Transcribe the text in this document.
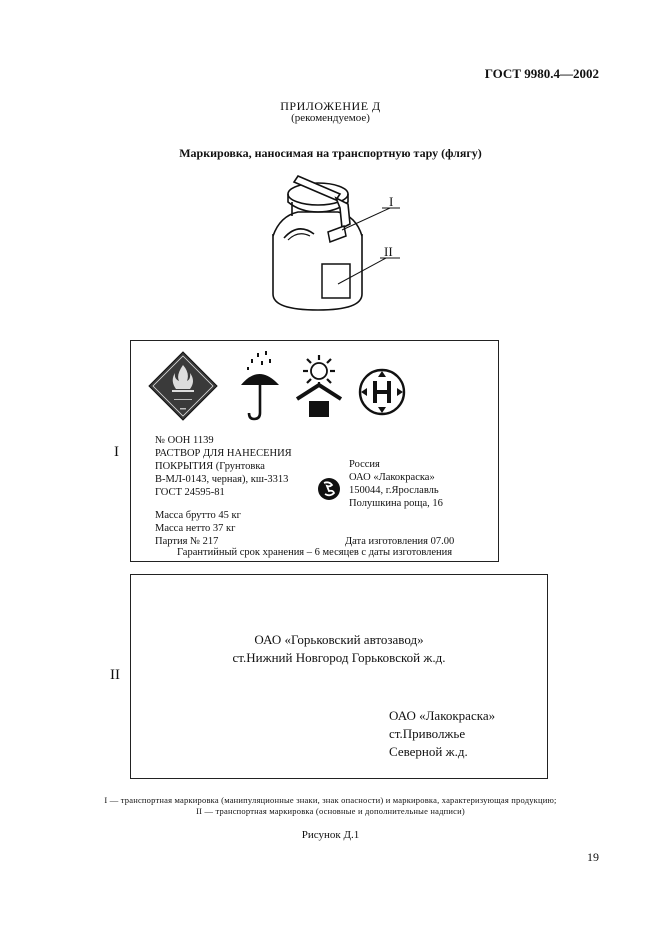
ГОСТ 9980.4—2002
ПРИЛОЖЕНИЕ Д
(рекомендуемое)
Маркировка, наносимая на транспортную тару (флягу)
I
II
I
№ ООН 1139
РАСТВОР ДЛЯ НАНЕСЕНИЯ
ПОКРЫТИЯ (Грунтовка
В-МЛ-0143, черная), кш-3313
ГОСТ 24595-81
Россия
ОАО «Лакокраска»
150044, г.Ярославль
Полушкина роща, 16
Масса брутто 45 кг
Масса нетто 37 кг
Партия № 217	Дата изготовления 07.00
Гарантийный срок хранения – 6 месяцев с даты изготовления
II
ОАО «Горьковский автозавод»
ст.Нижний Новгород Горьковской ж.д.
ОАО «Лакокраска»
ст.Приволжье
Северной ж.д.
I — транспортная маркировка (манипуляционные знаки, знак опасности) и маркировка, характеризующая продукцию;
II — транспортная маркировка (основные и дополнительные надписи)
Рисунок Д.1
19
